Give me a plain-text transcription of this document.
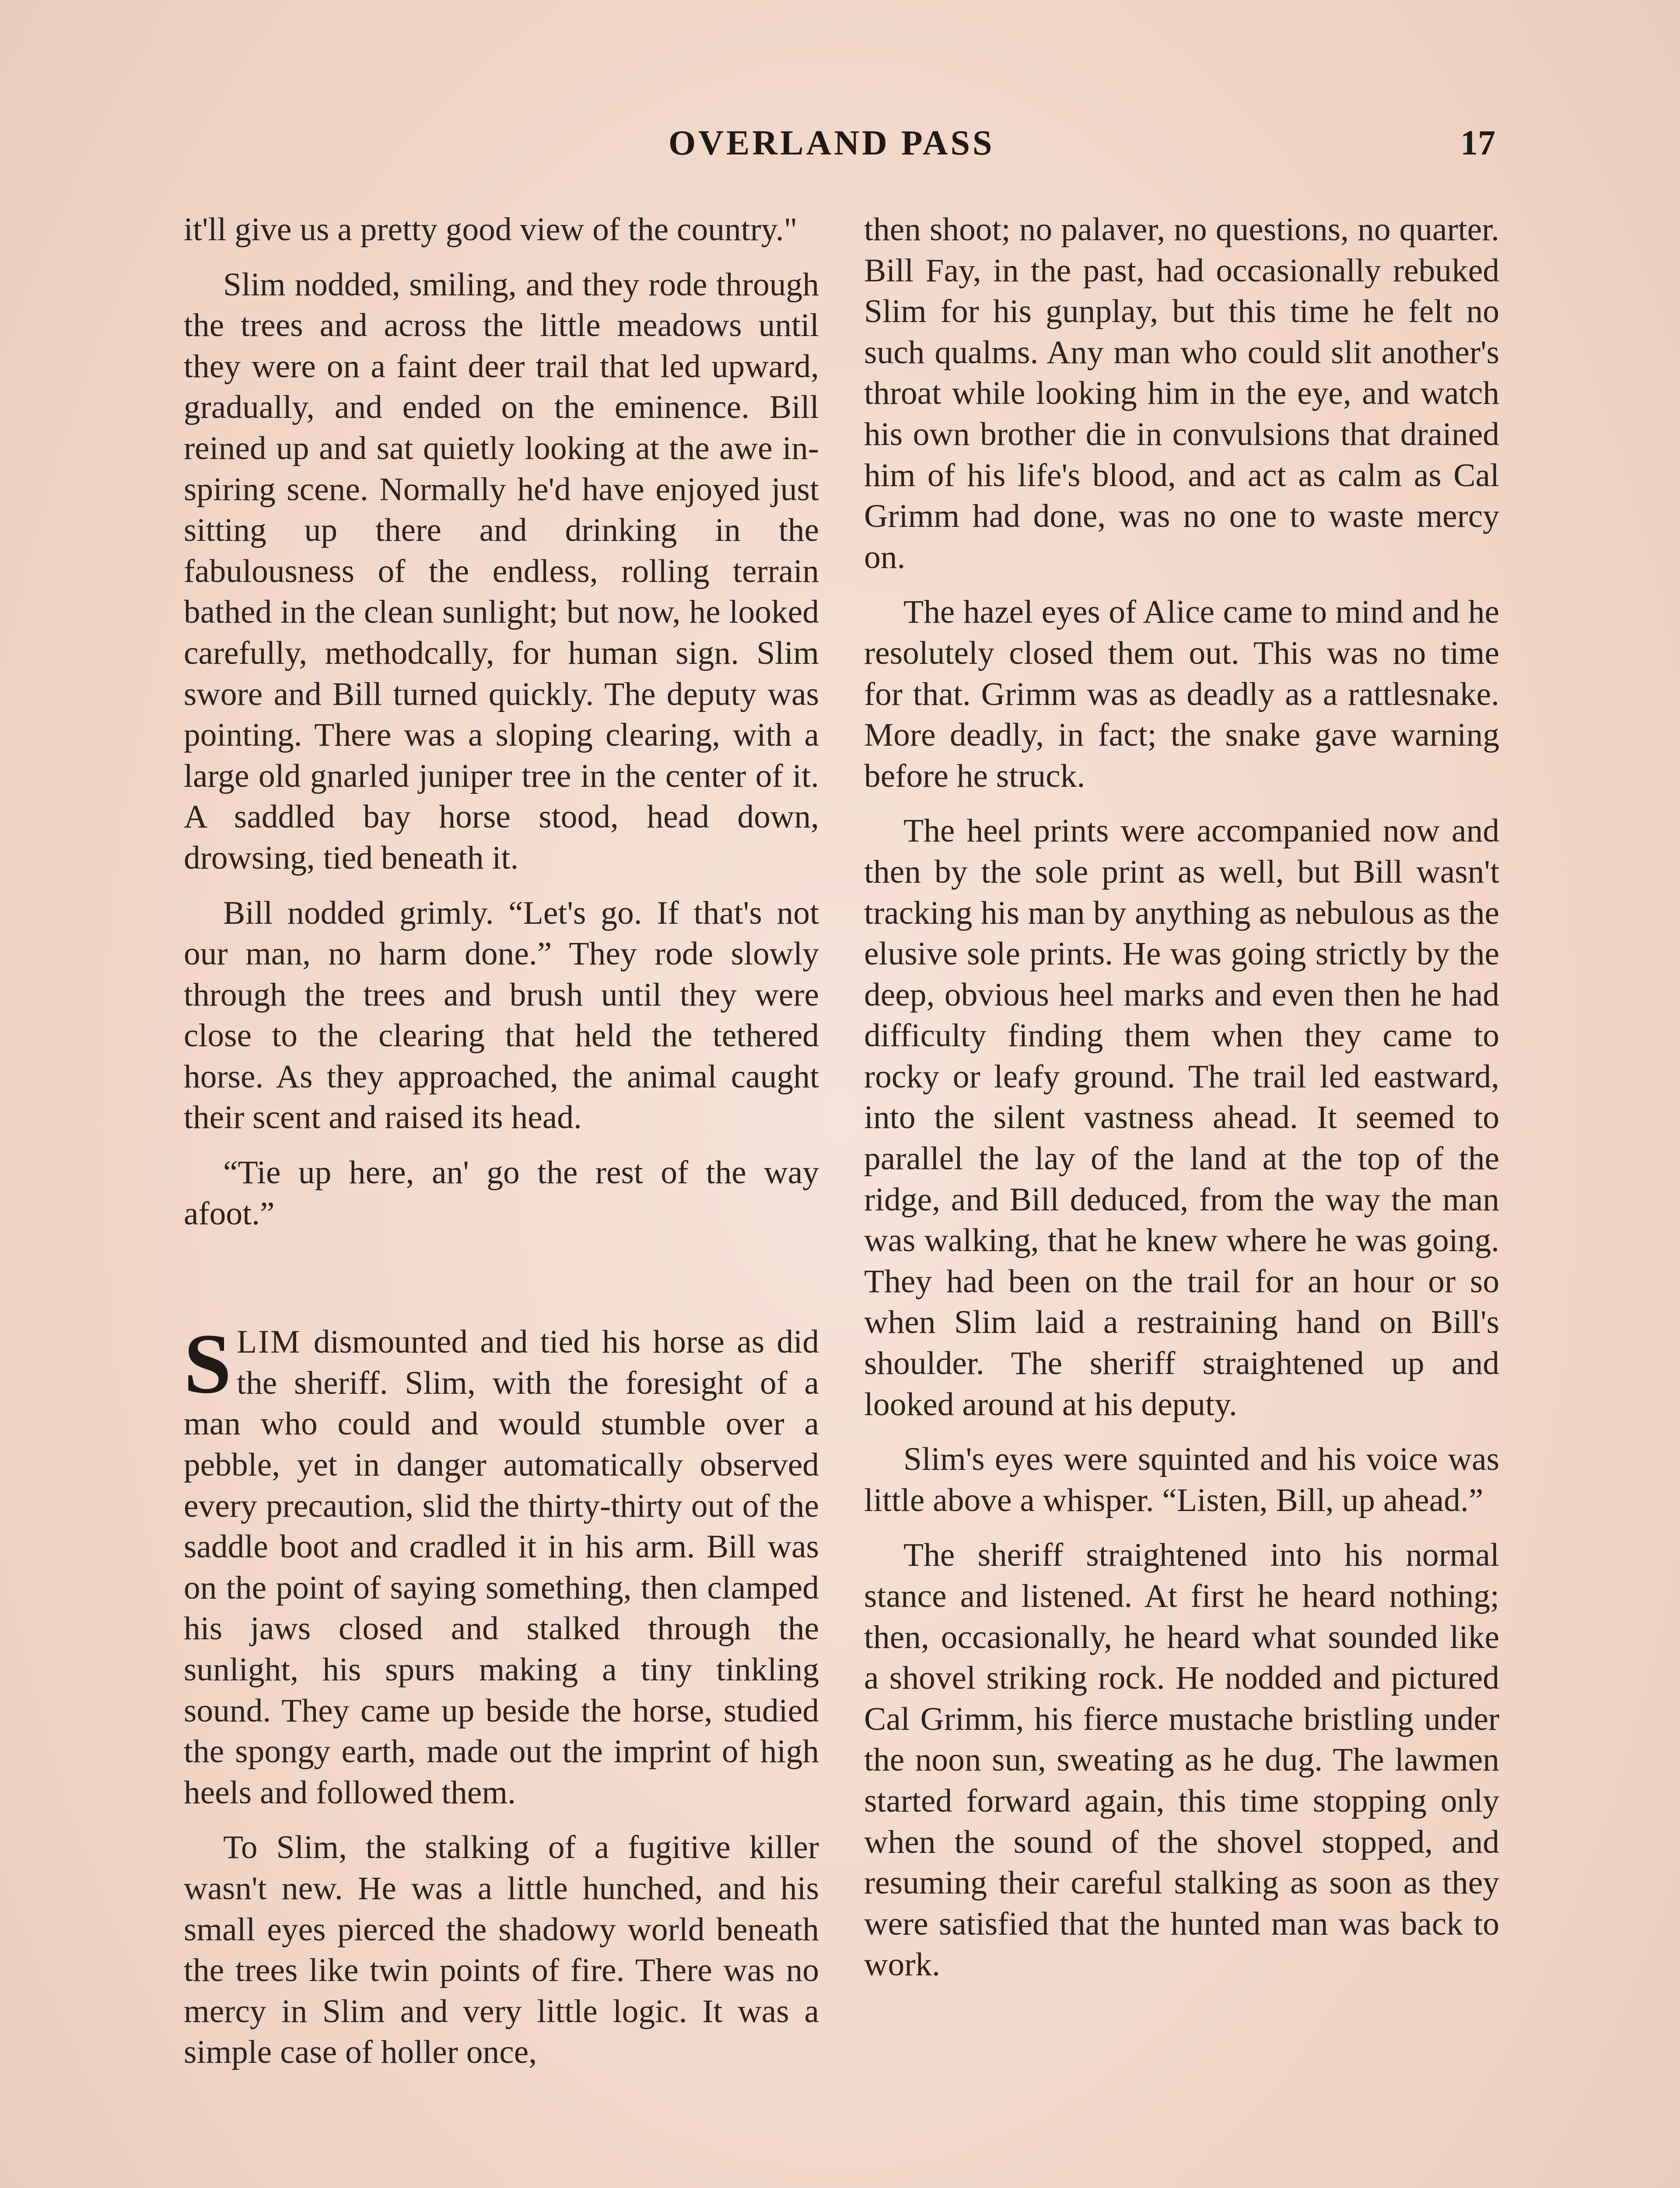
OVERLAND PASS	17

it'll give us a pretty good view of the country."

Slim nodded, smiling, and they rode through the trees and across the little meadows until they were on a faint deer trail that led upward, gradually, and ended on the eminence. Bill reined up and sat quietly looking at the awe inspiring scene. Normally he'd have enjoyed just sitting up there and drinking in the fabulousness of the endless, rolling terrain bathed in the clean sunlight; but now, he looked carefully, methodcally, for human sign. Slim swore and Bill turned quickly. The deputy was pointing. There was a sloping clearing, with a large old gnarled juniper tree in the center of it. A saddled bay horse stood, head down, drowsing, tied beneath it.

Bill nodded grimly. “Let's go. If that's not our man, no harm done.” They rode slowly through the trees and brush until they were close to the clearing that held the tethered horse. As they approached, the animal caught their scent and raised its head.

“Tie up here, an' go the rest of the way afoot.”

SLIM dismounted and tied his horse as did the sheriff. Slim, with the foresight of a man who could and would stumble over a pebble, yet in danger automatically observed every precaution, slid the thirty-thirty out of the saddle boot and cradled it in his arm. Bill was on the point of saying something, then clamped his jaws closed and stalked through the sunlight, his spurs making a tiny tinkling sound. They came up beside the horse, studied the spongy earth, made out the imprint of high heels and followed them.

To Slim, the stalking of a fugitive killer wasn't new. He was a little hunched, and his small eyes pierced the shadowy world beneath the trees like twin points of fire. There was no mercy in Slim and very little logic. It was a simple case of holler once,

then shoot; no palaver, no questions, no quarter. Bill Fay, in the past, had occasionally rebuked Slim for his gunplay, but this time he felt no such qualms. Any man who could slit another's throat while looking him in the eye, and watch his own brother die in convulsions that drained him of his life's blood, and act as calm as Cal Grimm had done, was no one to waste mercy on.

The hazel eyes of Alice came to mind and he resolutely closed them out. This was no time for that. Grimm was as deadly as a rattlesnake. More deadly, in fact; the snake gave warning before he struck.

The heel prints were accompanied now and then by the sole print as well, but Bill wasn't tracking his man by anything as nebulous as the elusive sole prints. He was going strictly by the deep, obvious heel marks and even then he had difficulty finding them when they came to rocky or leafy ground. The trail led eastward, into the silent vastness ahead. It seemed to parallel the lay of the land at the top of the ridge, and Bill deduced, from the way the man was walking, that he knew where he was going. They had been on the trail for an hour or so when Slim laid a restraining hand on Bill's shoulder. The sheriff straightened up and looked around at his deputy.

Slim's eyes were squinted and his voice was little above a whisper. “Listen, Bill, up ahead.”

The sheriff straightened into his normal stance and listened. At first he heard nothing; then, occasionally, he heard what sounded like a shovel striking rock. He nodded and pictured Cal Grimm, his fierce mustache bristling under the noon sun, sweating as he dug. The lawmen started forward again, this time stopping only when the sound of the shovel stopped, and resuming their careful stalking as soon as they were satisfied that the hunted man was back to work.
